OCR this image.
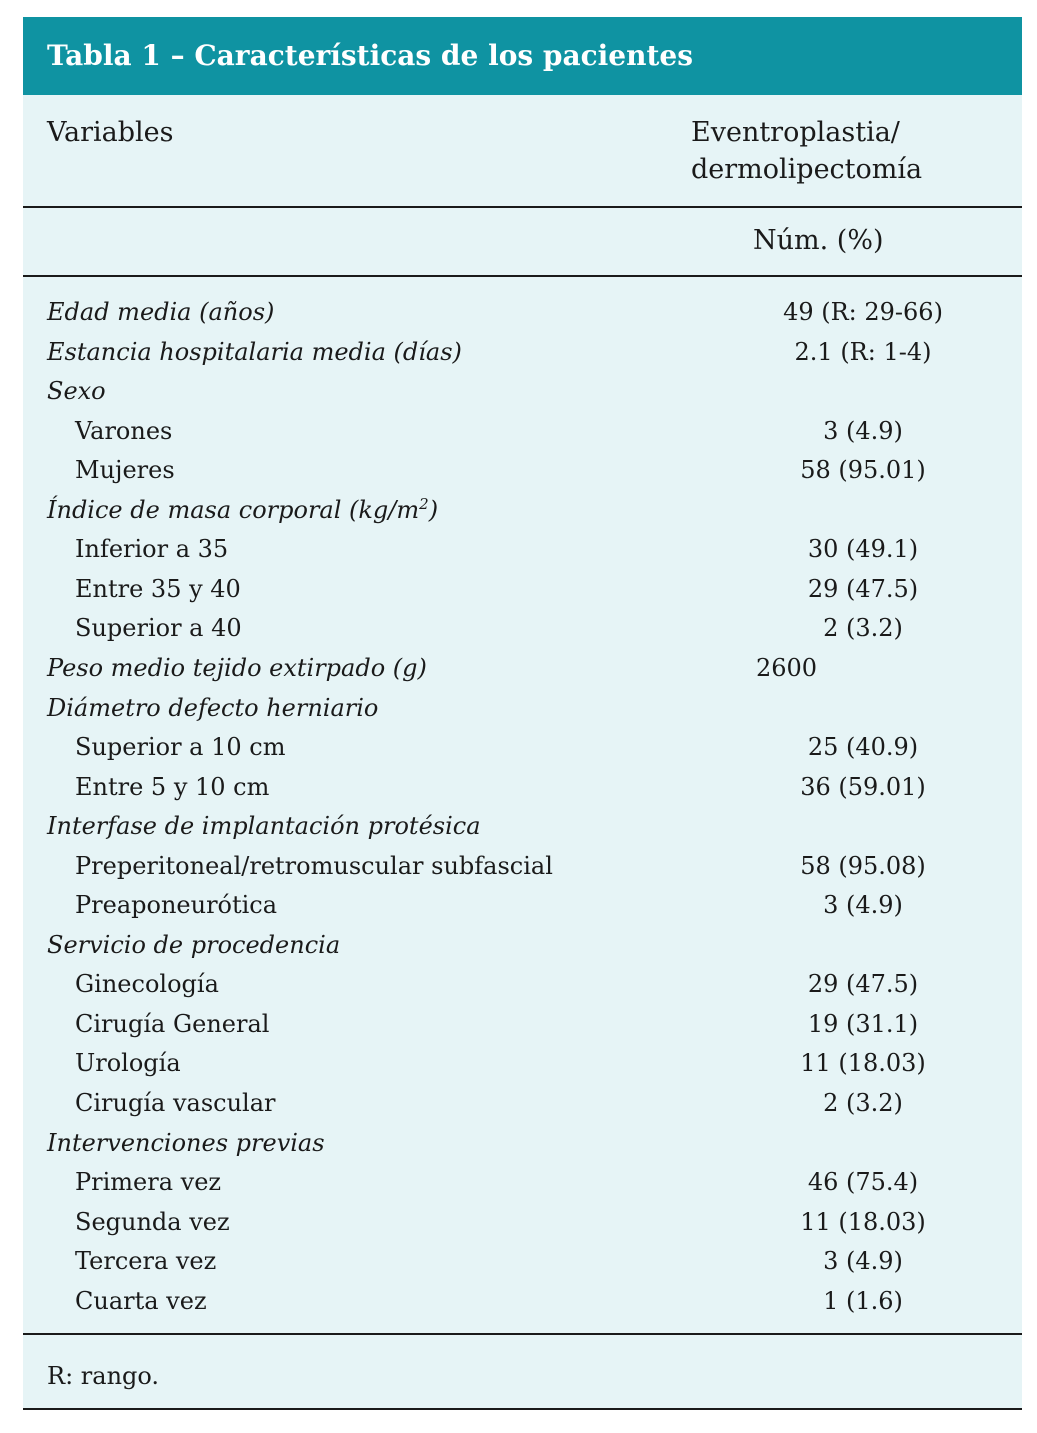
Tabla 1 – Características de los pacientes
Variables	Eventroplastia/
dermolipectomía
Núm. (%)
Edad media (años)	49 (R: 29-66)
Estancia hospitalaria media (días)	2.1 (R: 1-4)
Sexo
Varones	3 (4.9)
Mujeres	58 (95.01)
Índice de masa corporal $(kg/m^2)$
Inferior a 35	30 (49.1)
Entre 35 y 40	29 (47.5)
Superior a 40	2 (3.2)
Peso medio tejido extirpado (g)	2600
Diámetro defecto herniario
Superior a 10 cm	25 (40.9)
Entre 5 y 10 cm	36 (59.01)
Interfase de implantación protésica
Preperitoneal/retromuscular subfascial	58 (95.08)
Preaponeurótica	3 (4.9)
Servicio de procedencia
Ginecología	29 (47.5)
Cirugía General	19 (31.1)
Urología	11 (18.03)
Cirugía vascular	2 (3.2)
Intervenciones previas
Primera vez	46 (75.4)
Segunda vez	11 (18.03)
Tercera vez	3 (4.9)
Cuarta vez	1 (1.6)
R: rango.
